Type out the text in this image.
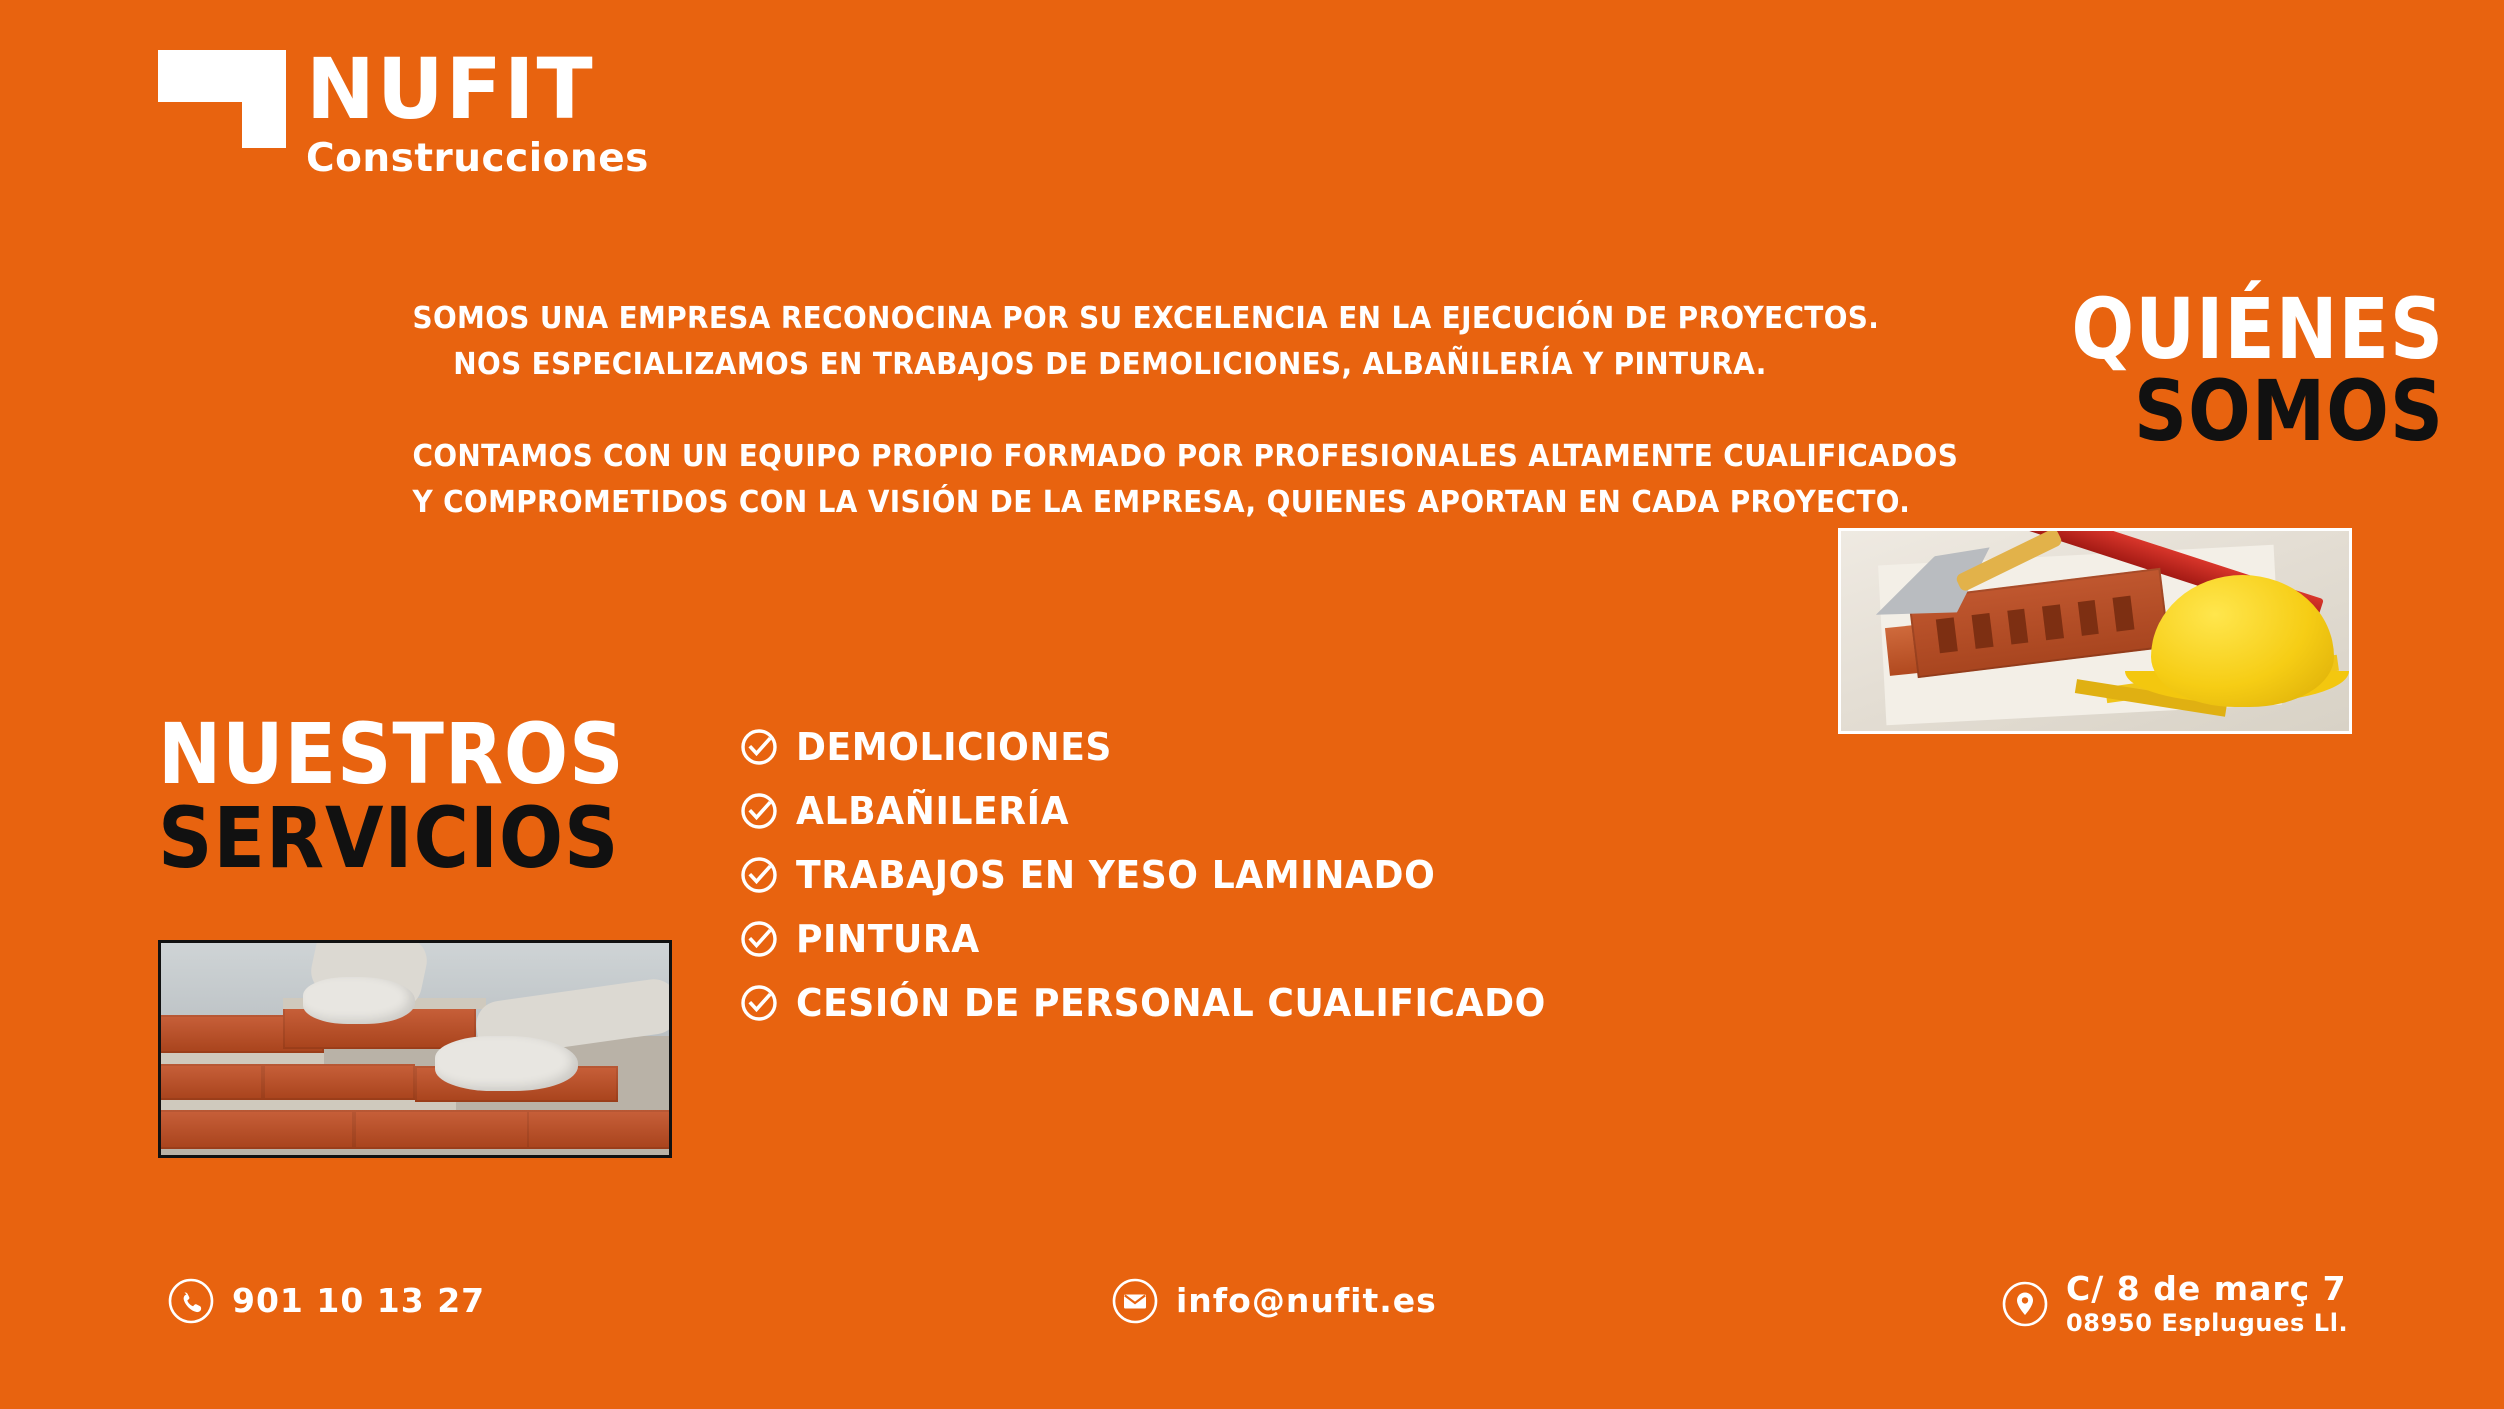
NUFIT
Construcciones
QUIÉNES
SOMOS

SOMOS UNA EMPRESA RECONOCINA POR SU EXCELENCIA EN LA EJECUCIÓN DE PROYECTOS.

NOS ESPECIALIZAMOS EN TRABAJOS DE DEMOLICIONES, ALBAÑILERÍA Y PINTURA.

CONTAMOS CON UN EQUIPO PROPIO FORMADO POR PROFESIONALES ALTAMENTE CUALIFICADOS

Y COMPROMETIDOS CON LA VISIÓN DE LA EMPRESA, QUIENES APORTAN EN CADA PROYECTO.

NUESTROS
SERVICIOS
DEMOLICIONES
ALBAÑILERÍA
TRABAJOS EN YESO LAMINADO
PINTURA
CESIÓN DE PERSONAL CUALIFICADO
901 10 13 27	info@nufit.es	C/ 8 de març 7
08950 Esplugues Ll.
